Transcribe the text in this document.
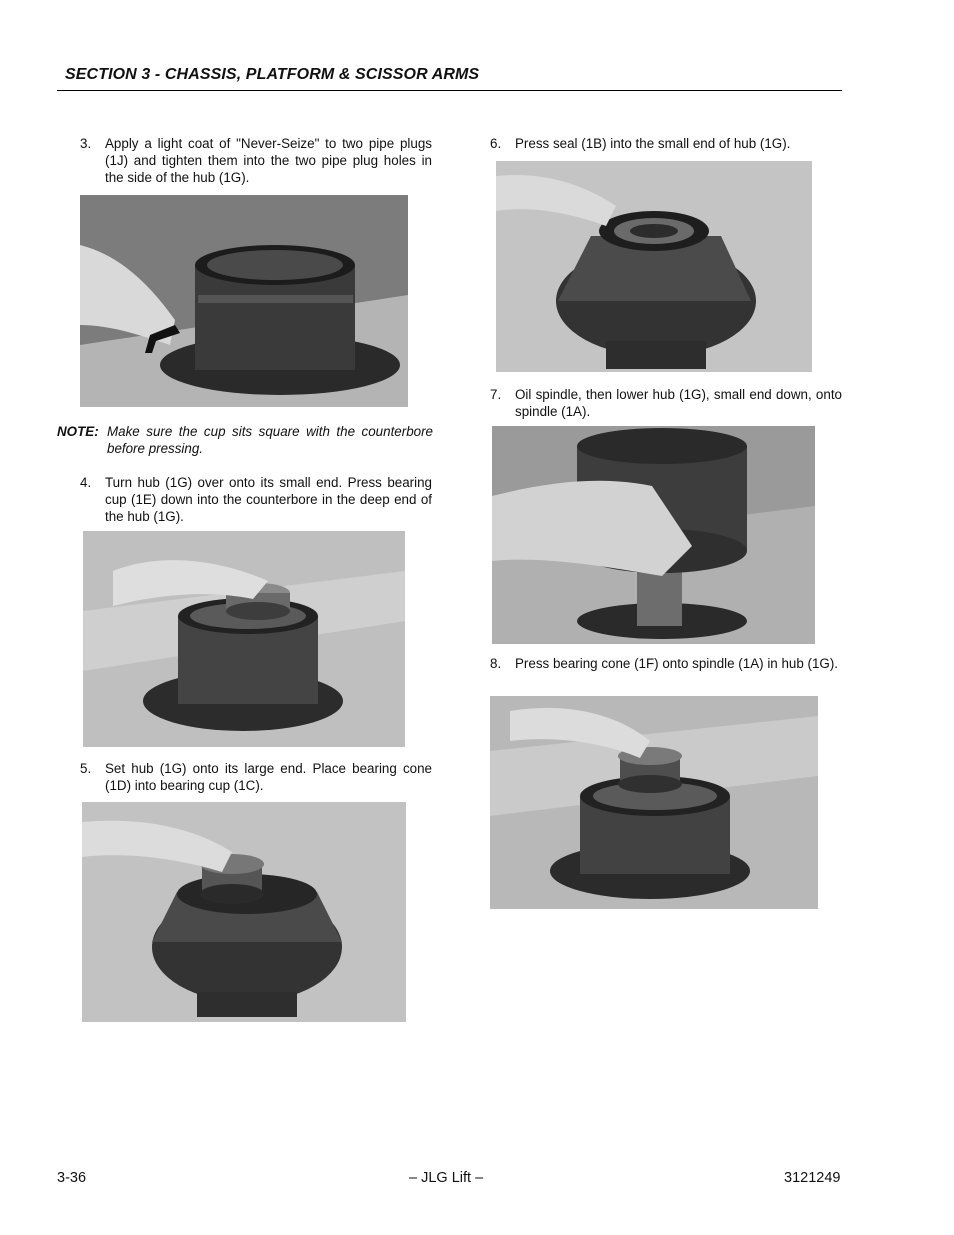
SECTION 3 - CHASSIS, PLATFORM & SCISSOR ARMS
3. Apply a light coat of "Never-Seize" to two pipe plugs (1J) and tighten them into the two pipe plug holes in the side of the hub (1G).
NOTE: Make sure the cup sits square with the counterbore before pressing.
4. Turn hub (1G) over onto its small end. Press bearing cup (1E) down into the counterbore in the deep end of the hub (1G).
5. Set hub (1G) onto its large end. Place bearing cone (1D) into bearing cup (1C).
6. Press seal (1B) into the small end of hub (1G).
7. Oil spindle, then lower hub (1G), small end down, onto spindle (1A).
8. Press bearing cone (1F) onto spindle (1A) in hub (1G).
3-36	– JLG Lift –	3121249
